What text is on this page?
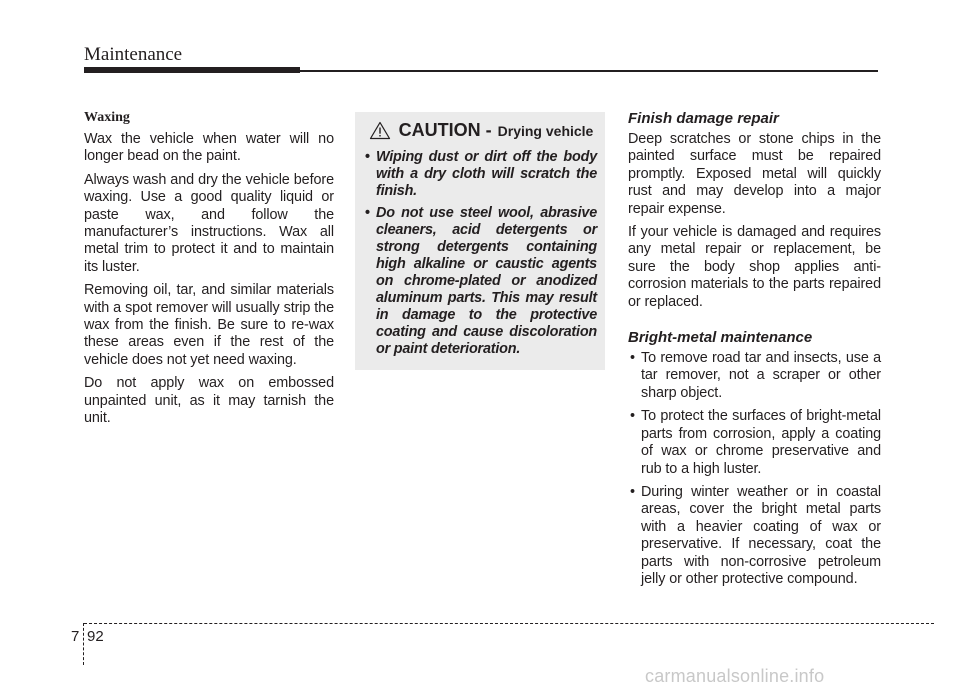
Maintenance

Waxing

Wax the vehicle when water will no longer bead on the paint.

Always wash and dry the vehicle before waxing. Use a good quality liquid or paste wax, and follow the manufacturer’s instructions. Wax all metal trim to protect it and to maintain its luster.

Removing oil, tar, and similar materials with a spot remover will usually strip the wax from the finish. Be sure to re-wax these areas even if the rest of the vehicle does not yet need waxing.

Do not apply wax on embossed unpainted unit, as it may tarnish the unit.

CAUTION - Drying vehicle
• Wiping dust or dirt off the body with a dry cloth will scratch the finish.
• Do not use steel wool, abrasive cleaners, acid detergents or strong detergents containing high alkaline or caustic agents on chrome-plated or anodized aluminum parts. This may result in damage to the protective coating and cause discoloration or paint deterioration.

Finish damage repair

Deep scratches or stone chips in the painted surface must be repaired promptly. Exposed metal will quickly rust and may develop into a major repair expense.

If your vehicle is damaged and requires any metal repair or replacement, be sure the body shop applies anti-corrosion materials to the parts repaired or replaced.

Bright-metal maintenance

• To remove road tar and insects, use a tar remover, not a scraper or other sharp object.
• To protect the surfaces of bright-metal parts from corrosion, apply a coating of wax or chrome preservative and rub to a high luster.
• During winter weather or in coastal areas, cover the bright metal parts with a heavier coating of wax or preservative. If necessary, coat the parts with non-corrosive petroleum jelly or other protective compound.
7 92
carmanualsonline.info
